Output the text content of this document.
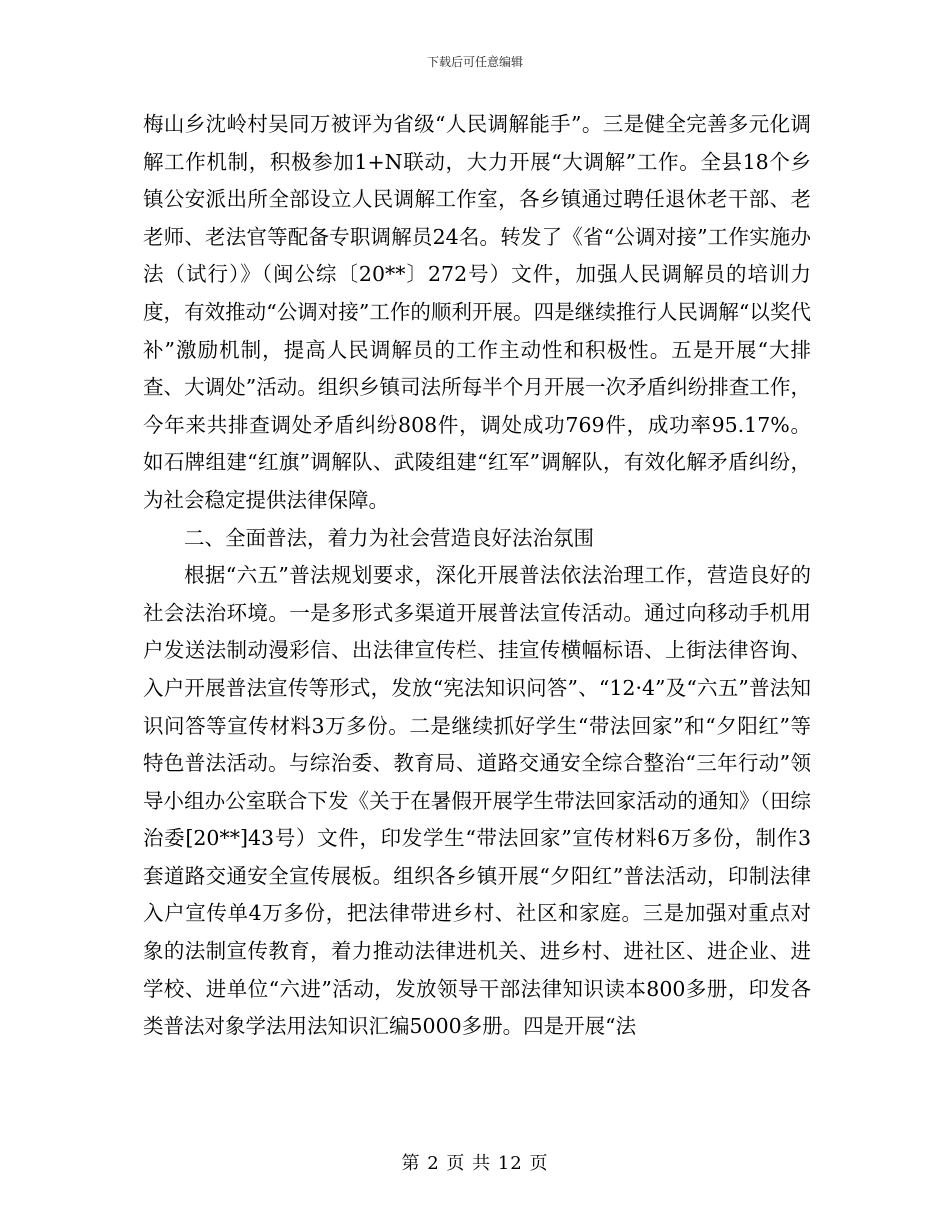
下载后可任意编辑

梅山乡沈岭村吴同万被评为省级“人民调解能手”。三是健全完善多元化调解工作机制，积极参加1+N联动，大力开展“大调解”工作。全县18个乡镇公安派出所全部设立人民调解工作室，各乡镇通过聘任退休老干部、老老师、老法官等配备专职调解员24名。转发了《省“公调对接”工作实施办法（试行）》（闽公综〔20**〕272号）文件，加强人民调解员的培训力度，有效推动“公调对接”工作的顺利开展。四是继续推行人民调解“以奖代补”激励机制，提高人民调解员的工作主动性和积极性。五是开展“大排查、大调处”活动。组织乡镇司法所每半个月开展一次矛盾纠纷排查工作，今年来共排查调处矛盾纠纷808件，调处成功769件，成功率95.17%。如石牌组建“红旗”调解队、武陵组建“红军”调解队，有效化解矛盾纠纷，为社会稳定提供法律保障。

二、全面普法，着力为社会营造良好法治氛围

根据“六五”普法规划要求，深化开展普法依法治理工作，营造良好的社会法治环境。一是多形式多渠道开展普法宣传活动。通过向移动手机用户发送法制动漫彩信、出法律宣传栏、挂宣传横幅标语、上街法律咨询、入户开展普法宣传等形式，发放“宪法知识问答”、“12·4”及“六五”普法知识问答等宣传材料3万多份。二是继续抓好学生“带法回家”和“夕阳红”等特色普法活动。与综治委、教育局、道路交通安全综合整治“三年行动”领导小组办公室联合下发《关于在暑假开展学生带法回家活动的通知》（田综治委[20**]43号）文件，印发学生“带法回家”宣传材料6万多份，制作3套道路交通安全宣传展板。组织各乡镇开展“夕阳红”普法活动，印制法律入户宣传单4万多份，把法律带进乡村、社区和家庭。三是加强对重点对象的法制宣传教育，着力推动法律进机关、进乡村、进社区、进企业、进学校、进单位“六进”活动，发放领导干部法律知识读本800多册，印发各类普法对象学法用法知识汇编5000多册。四是开展“法

第 2 页 共 12 页
